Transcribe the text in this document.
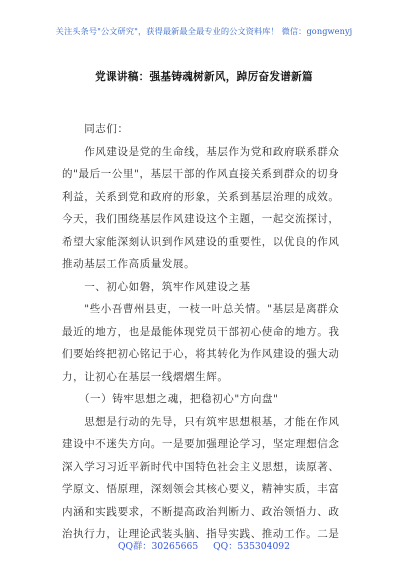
关注头条号"公文研究"，获得最新最全最专业的公文资料库！ 微信：gongwenyj
党课讲稿：强基铸魂树新风，踔厉奋发谱新篇
　　同志们：
　　作风建设是党的生命线，基层作为党和政府联系群众
的"最后一公里"，基层干部的作风直接关系到群众的切身
利益，关系到党和政府的形象，关系到基层治理的成效。
今天，我们围绕基层作风建设这个主题，一起交流探讨，
希望大家能深刻认识到作风建设的重要性，以优良的作风
推动基层工作高质量发展。
　　一、初心如磐，筑牢作风建设之基
　　"些小吾曹州县吏，一枝一叶总关情。"基层是离群众
最近的地方，也是最能体现党员干部初心使命的地方。我
们要始终把初心铭记于心，将其转化为作风建设的强大动
力，让初心在基层一线熠熠生辉。
　　（一）铸牢思想之魂，把稳初心"方向盘"
　　思想是行动的先导，只有筑牢思想根基，才能在作风
建设中不迷失方向。一是要加强理论学习，坚定理想信念
深入学习习近平新时代中国特色社会主义思想，读原著、
学原文、悟原理，深刻领会其核心要义，精神实质，丰富
内涵和实践要求，不断提高政治判断力、政治领悟力、政
治执行力，让理论武装头脑、指导实践、推动工作。二是
QQ群：30265665 QQ：535304092
